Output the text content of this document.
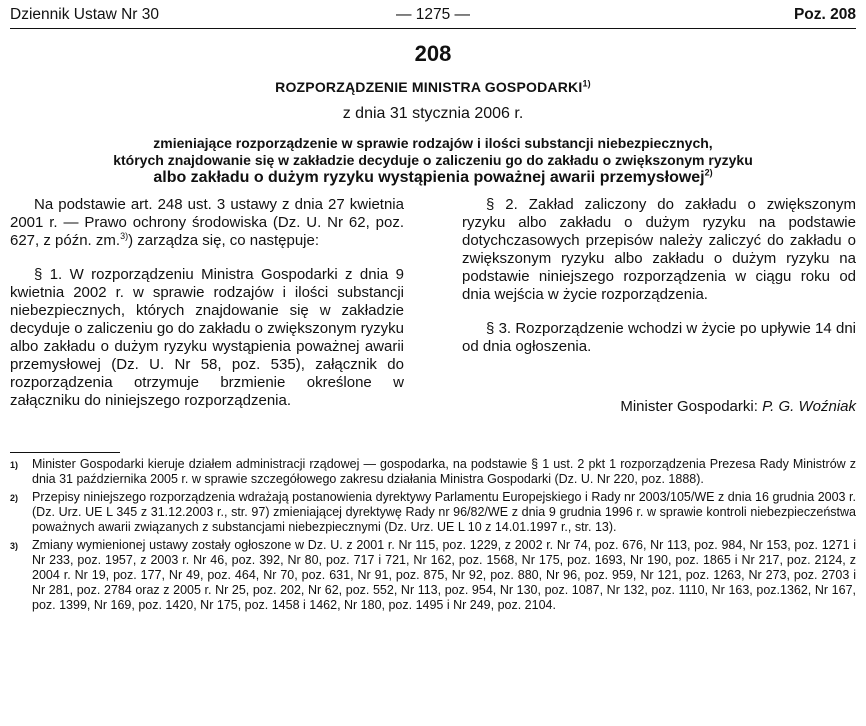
Dziennik Ustaw Nr 30	— 1275 —	Poz. 208
208
ROZPORZĄDZENIE MINISTRA GOSPODARKI$^{1)}$
z dnia 31 stycznia 2006 r.
zmieniające rozporządzenie w sprawie rodzajów i ilości substancji niebezpiecznych,
których znajdowanie się w zakładzie decyduje o zaliczeniu go do zakładu o zwiększonym ryzyku
albo zakładu o dużym ryzyku wystąpienia poważnej awarii przemysłowej$^{2)}$

Na podstawie art. 248 ust. 3 ustawy z dnia 27 kwietnia 2001 r. — Prawo ochrony środowiska (Dz. U. Nr 62, poz. 627, z późn. zm.$^{3)}$) zarządza się, co następuje:

§ 1. W rozporządzeniu Ministra Gospodarki z dnia 9 kwietnia 2002 r. w sprawie rodzajów i ilości substancji niebezpiecznych, których znajdowanie się w zakładzie decyduje o zaliczeniu go do zakładu o zwiększonym ryzyku albo zakładu o dużym ryzyku wystąpienia poważnej awarii przemysłowej (Dz. U. Nr 58, poz. 535), załącznik do rozporządzenia otrzymuje brzmienie określone w załączniku do niniejszego rozporządzenia.

§ 2. Zakład zaliczony do zakładu o zwiększonym ryzyku albo zakładu o dużym ryzyku na podstawie dotychczasowych przepisów należy zaliczyć do zakładu o zwiększonym ryzyku albo zakładu o dużym ryzyku na podstawie niniejszego rozporządzenia w ciągu roku od dnia wejścia w życie rozporządzenia.

§ 3. Rozporządzenie wchodzi w życie po upływie 14 dni od dnia ogłoszenia.

Minister Gospodarki: P. G. Woźniak

1)	Minister Gospodarki kieruje działem administracji rządowej — gospodarka, na podstawie § 1 ust. 2 pkt 1 rozporządzenia Prezesa Rady Ministrów z dnia 31 października 2005 r. w sprawie szczegółowego zakresu działania Ministra Gospodarki (Dz. U. Nr 220, poz. 1888).
2)	Przepisy niniejszego rozporządzenia wdrażają postanowienia dyrektywy Parlamentu Europejskiego i Rady nr 2003/105/WE z dnia 16 grudnia 2003 r. (Dz. Urz. UE L 345 z 31.12.2003 r., str. 97) zmieniającej dyrektywę Rady nr 96/82/WE z dnia 9 grudnia 1996 r. w sprawie kontroli niebezpieczeństwa poważnych awarii związanych z substancjami niebezpiecznymi (Dz. Urz. UE L 10 z 14.01.1997 r., str. 13).
3)	Zmiany wymienionej ustawy zostały ogłoszone w Dz. U. z 2001 r. Nr 115, poz. 1229, z 2002 r. Nr 74, poz. 676, Nr 113, poz. 984, Nr 153, poz. 1271 i Nr 233, poz. 1957, z 2003 r. Nr 46, poz. 392, Nr 80, poz. 717 i 721, Nr 162, poz. 1568, Nr 175, poz. 1693, Nr 190, poz. 1865 i Nr 217, poz. 2124, z 2004 r. Nr 19, poz. 177, Nr 49, poz. 464, Nr 70, poz. 631, Nr 91, poz. 875, Nr 92, poz. 880, Nr 96, poz. 959, Nr 121, poz. 1263, Nr 273, poz. 2703 i Nr 281, poz. 2784 oraz z 2005 r. Nr 25, poz. 202, Nr 62, poz. 552, Nr 113, poz. 954, Nr 130, poz. 1087, Nr 132, poz. 1110, Nr 163, poz.1362, Nr 167, poz. 1399, Nr 169, poz. 1420, Nr 175, poz. 1458 i 1462, Nr 180, poz. 1495 i Nr 249, poz. 2104.
